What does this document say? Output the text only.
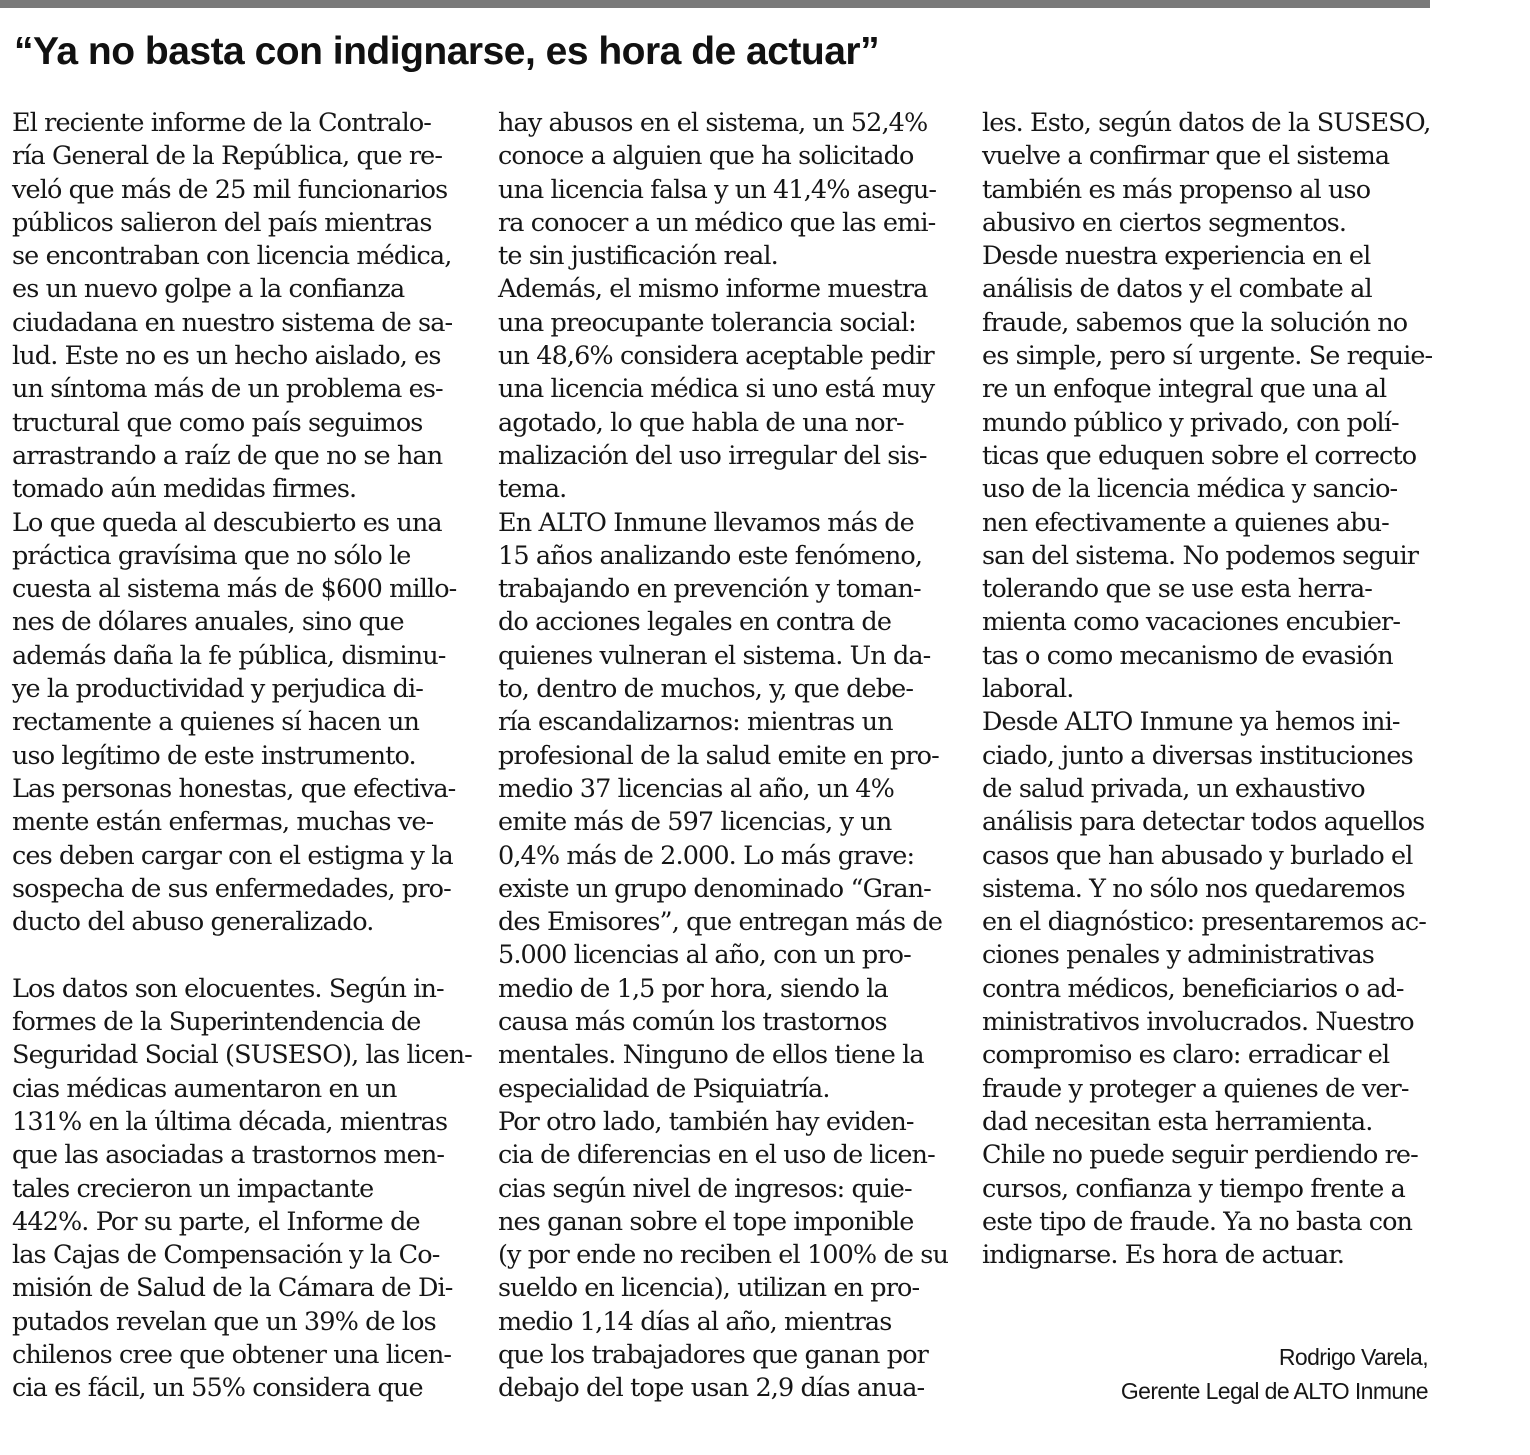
“Ya no basta con indignarse, es hora de actuar”
El reciente informe de la Contralo-
ría General de la República, que re-
veló que más de 25 mil funcionarios
públicos salieron del país mientras
se encontraban con licencia médica,
es un nuevo golpe a la confianza
ciudadana en nuestro sistema de sa-
lud. Este no es un hecho aislado, es
un síntoma más de un problema es-
tructural que como país seguimos
arrastrando a raíz de que no se han
tomado aún medidas firmes.
Lo que queda al descubierto es una
práctica gravísima que no sólo le
cuesta al sistema más de $600 millo-
nes de dólares anuales, sino que
además daña la fe pública, disminu-
ye la productividad y perjudica di-
rectamente a quienes sí hacen un
uso legítimo de este instrumento.
Las personas honestas, que efectiva-
mente están enfermas, muchas ve-
ces deben cargar con el estigma y la
sospecha de sus enfermedades, pro-
ducto del abuso generalizado.
Los datos son elocuentes. Según in-
formes de la Superintendencia de
Seguridad Social (SUSESO), las licen-
cias médicas aumentaron en un
131% en la última década, mientras
que las asociadas a trastornos men-
tales crecieron un impactante
442%. Por su parte, el Informe de
las Cajas de Compensación y la Co-
misión de Salud de la Cámara de Di-
putados revelan que un 39% de los
chilenos cree que obtener una licen-
cia es fácil, un 55% considera que
hay abusos en el sistema, un 52,4%
conoce a alguien que ha solicitado
una licencia falsa y un 41,4% asegu-
ra conocer a un médico que las emi-
te sin justificación real.
Además, el mismo informe muestra
una preocupante tolerancia social:
un 48,6% considera aceptable pedir
una licencia médica si uno está muy
agotado, lo que habla de una nor-
malización del uso irregular del sis-
tema.
En ALTO Inmune llevamos más de
15 años analizando este fenómeno,
trabajando en prevención y toman-
do acciones legales en contra de
quienes vulneran el sistema. Un da-
to, dentro de muchos, y, que debe-
ría escandalizarnos: mientras un
profesional de la salud emite en pro-
medio 37 licencias al año, un 4%
emite más de 597 licencias, y un
0,4% más de 2.000. Lo más grave:
existe un grupo denominado “Gran-
des Emisores”, que entregan más de
5.000 licencias al año, con un pro-
medio de 1,5 por hora, siendo la
causa más común los trastornos
mentales. Ninguno de ellos tiene la
especialidad de Psiquiatría.
Por otro lado, también hay eviden-
cia de diferencias en el uso de licen-
cias según nivel de ingresos: quie-
nes ganan sobre el tope imponible
(y por ende no reciben el 100% de su
sueldo en licencia), utilizan en pro-
medio 1,14 días al año, mientras
que los trabajadores que ganan por
debajo del tope usan 2,9 días anua-
les. Esto, según datos de la SUSESO,
vuelve a confirmar que el sistema
también es más propenso al uso
abusivo en ciertos segmentos.
Desde nuestra experiencia en el
análisis de datos y el combate al
fraude, sabemos que la solución no
es simple, pero sí urgente. Se requie-
re un enfoque integral que una al
mundo público y privado, con polí-
ticas que eduquen sobre el correcto
uso de la licencia médica y sancio-
nen efectivamente a quienes abu-
san del sistema. No podemos seguir
tolerando que se use esta herra-
mienta como vacaciones encubier-
tas o como mecanismo de evasión
laboral.
Desde ALTO Inmune ya hemos ini-
ciado, junto a diversas instituciones
de salud privada, un exhaustivo
análisis para detectar todos aquellos
casos que han abusado y burlado el
sistema. Y no sólo nos quedaremos
en el diagnóstico: presentaremos ac-
ciones penales y administrativas
contra médicos, beneficiarios o ad-
ministrativos involucrados. Nuestro
compromiso es claro: erradicar el
fraude y proteger a quienes de ver-
dad necesitan esta herramienta.
Chile no puede seguir perdiendo re-
cursos, confianza y tiempo frente a
este tipo de fraude. Ya no basta con
indignarse. Es hora de actuar.
Rodrigo Varela,
Gerente Legal de ALTO Inmune
